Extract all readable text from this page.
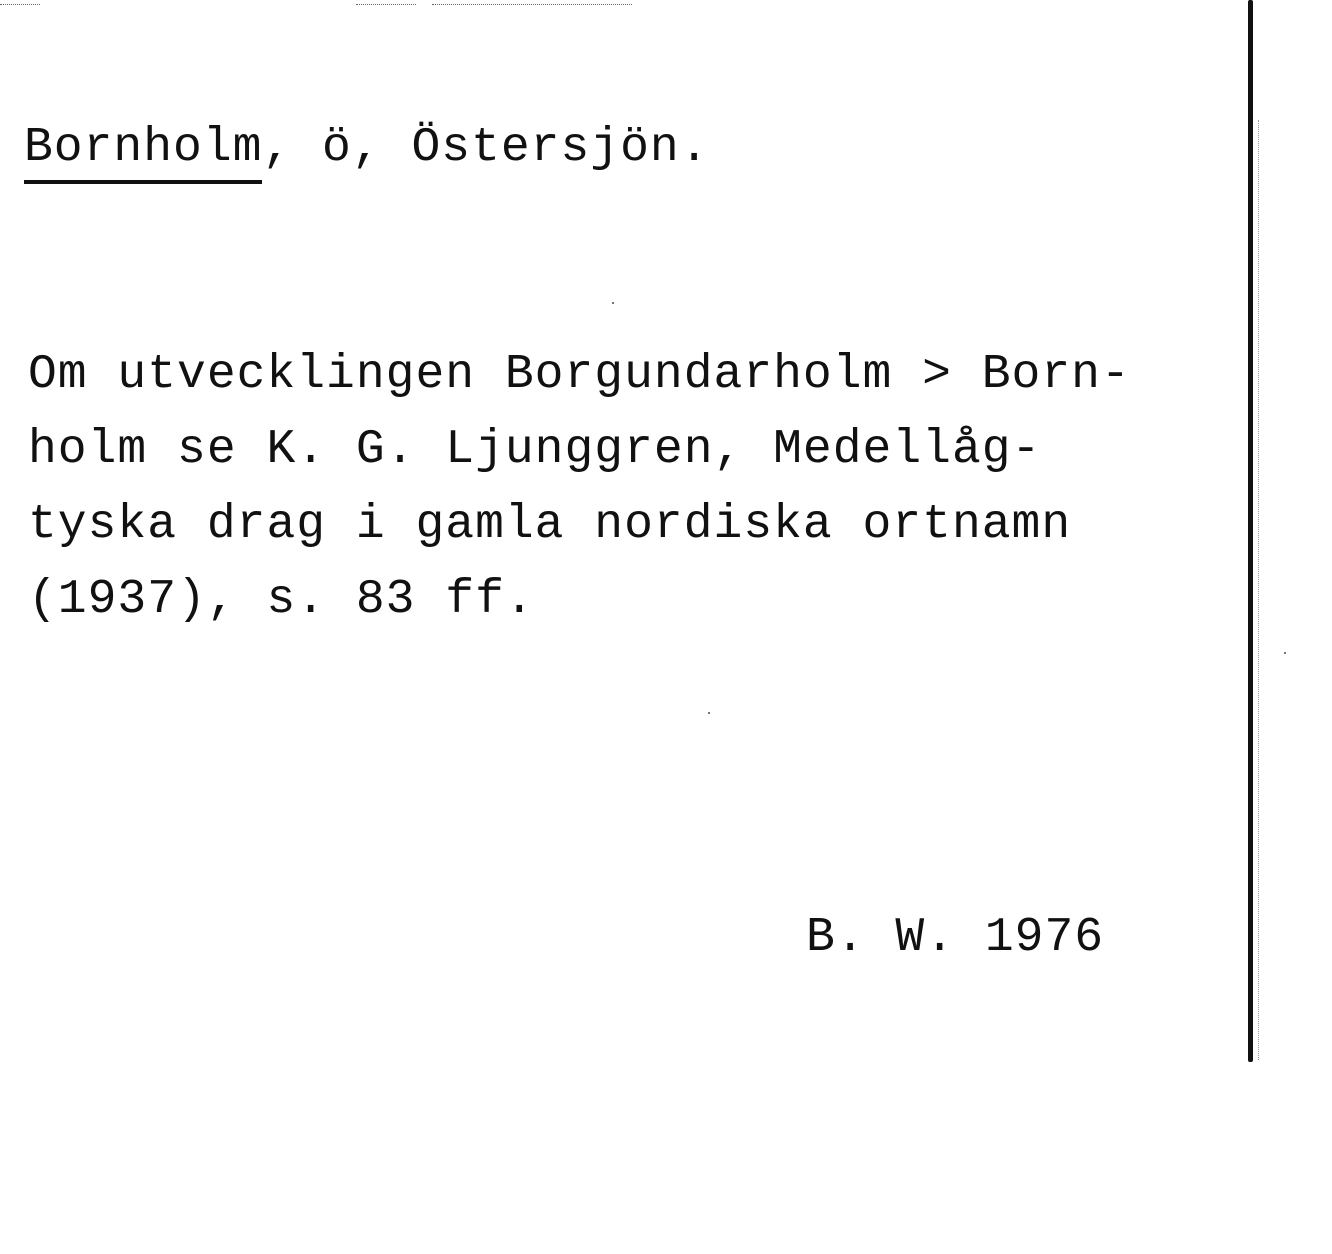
Bornholm, ö, Östersjön.
Om utvecklingen Borgundarholm > Born-
holm se K. G. Ljunggren, Medellåg-
tyska drag i gamla nordiska ortnamn
(1937), s. 83 ff.
B. W. 1976
